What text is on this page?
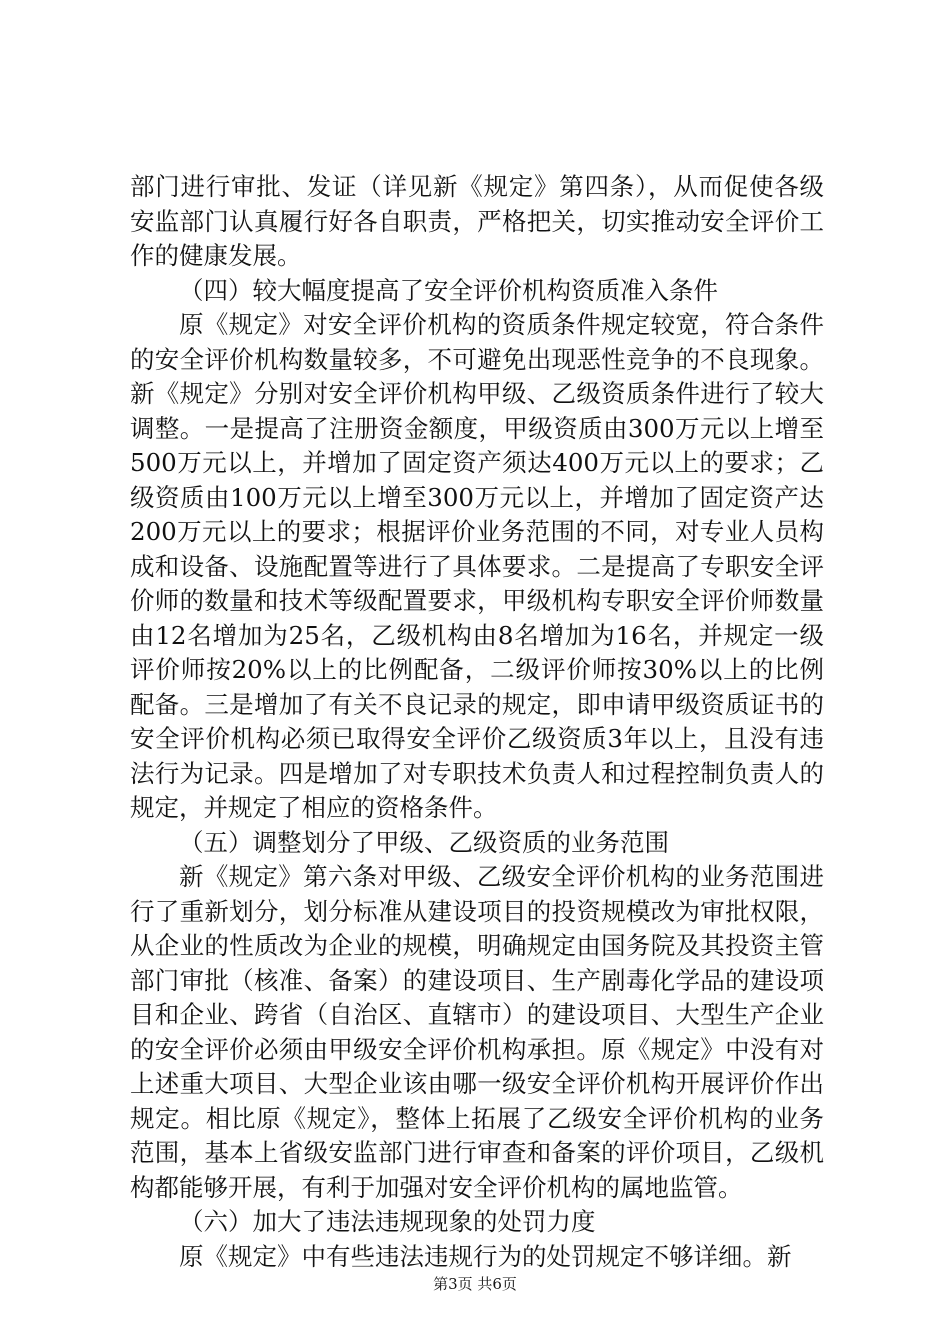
部门进行审批、发证（详见新《规定》第四条），从而促使各级安监部门认真履行好各自职责，严格把关，切实推动安全评价工作的健康发展。

（四）较大幅度提高了安全评价机构资质准入条件

原《规定》对安全评价机构的资质条件规定较宽，符合条件的安全评价机构数量较多，不可避免出现恶性竞争的不良现象。新《规定》分别对安全评价机构甲级、乙级资质条件进行了较大调整。一是提高了注册资金额度，甲级资质由300万元以上增至500万元以上，并增加了固定资产须达400万元以上的要求；乙级资质由100万元以上增至300万元以上，并增加了固定资产达200万元以上的要求；根据评价业务范围的不同，对专业人员构成和设备、设施配置等进行了具体要求。二是提高了专职安全评价师的数量和技术等级配置要求，甲级机构专职安全评价师数量由12名增加为25名，乙级机构由8名增加为16名，并规定一级评价师按20%以上的比例配备，二级评价师按30%以上的比例配备。三是增加了有关不良记录的规定，即申请甲级资质证书的安全评价机构必须已取得安全评价乙级资质3年以上，且没有违法行为记录。四是增加了对专职技术负责人和过程控制负责人的规定，并规定了相应的资格条件。

（五）调整划分了甲级、乙级资质的业务范围

新《规定》第六条对甲级、乙级安全评价机构的业务范围进行了重新划分，划分标准从建设项目的投资规模改为审批权限，从企业的性质改为企业的规模，明确规定由国务院及其投资主管部门审批（核准、备案）的建设项目、生产剧毒化学品的建设项目和企业、跨省（自治区、直辖市）的建设项目、大型生产企业的安全评价必须由甲级安全评价机构承担。原《规定》中没有对上述重大项目、大型企业该由哪一级安全评价机构开展评价作出规定。相比原《规定》，整体上拓展了乙级安全评价机构的业务范围，基本上省级安监部门进行审查和备案的评价项目，乙级机构都能够开展，有利于加强对安全评价机构的属地监管。

（六）加大了违法违规现象的处罚力度

原《规定》中有些违法违规行为的处罚规定不够详细。新

第3页 共6页
